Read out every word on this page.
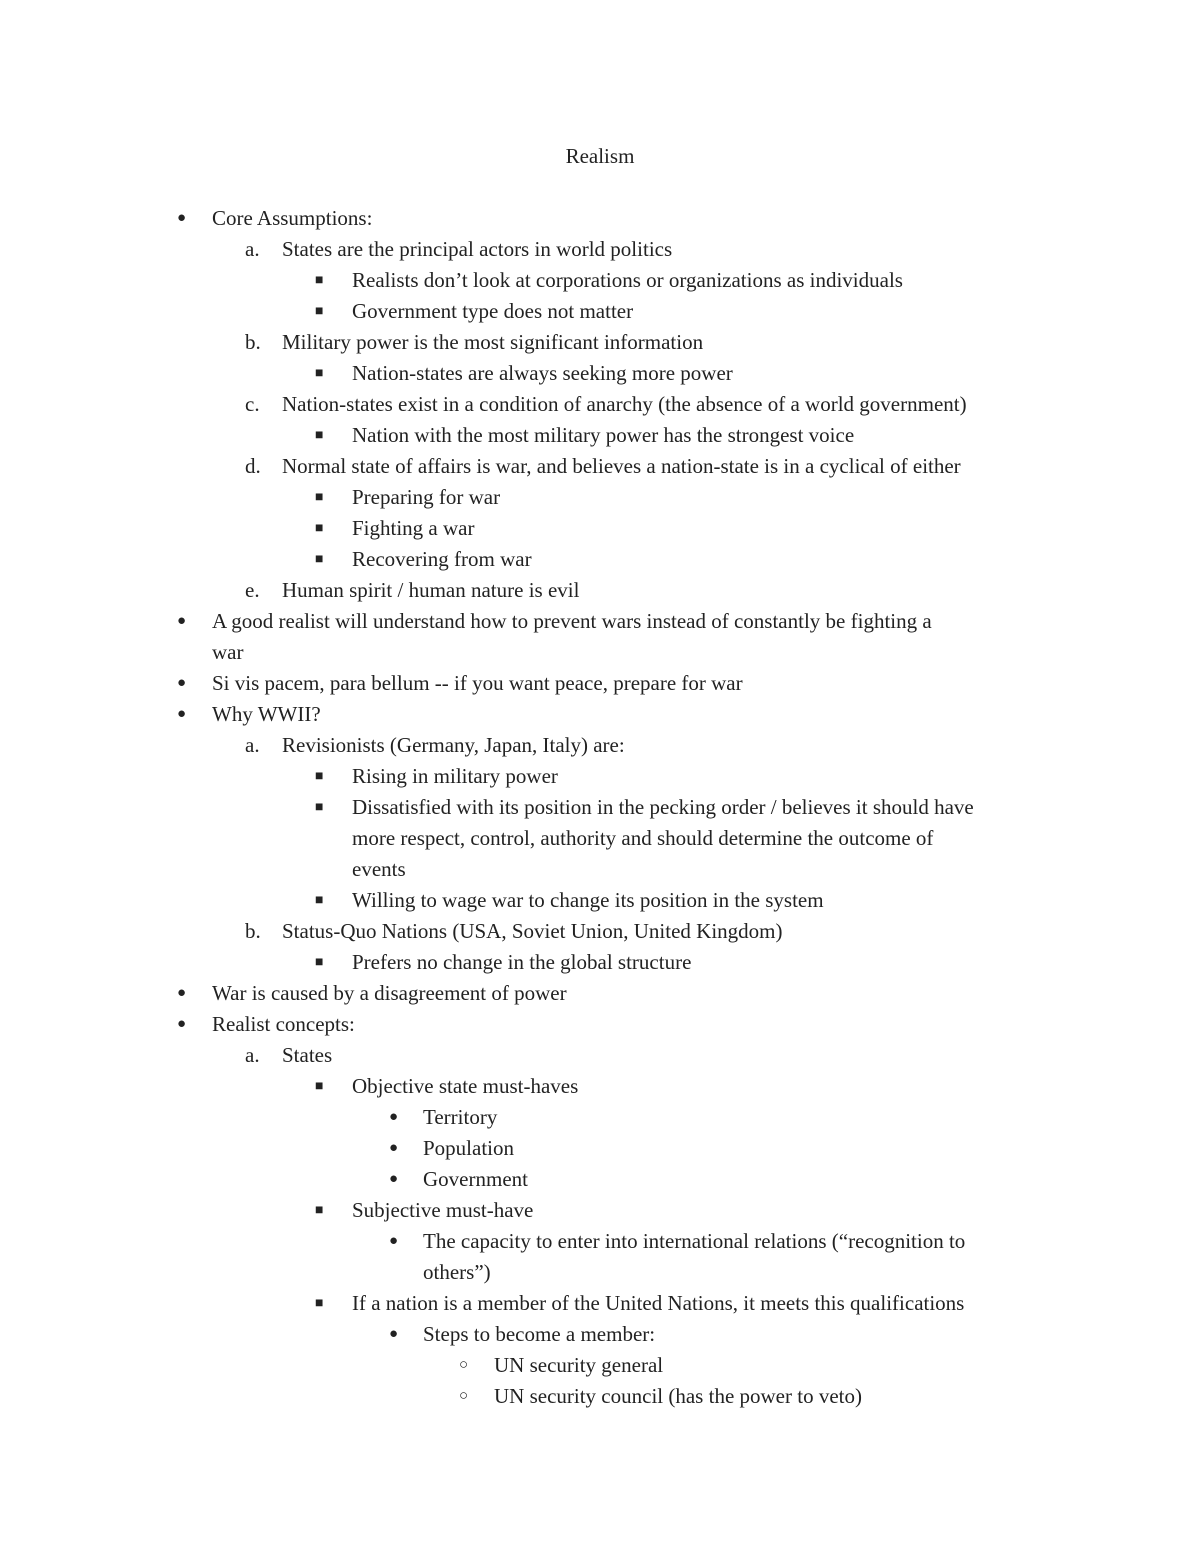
Realism
● Core Assumptions:
a. States are the principal actors in world politics
■ Realists don’t look at corporations or organizations as individuals
■ Government type does not matter
b. Military power is the most significant information
■ Nation-states are always seeking more power
c. Nation-states exist in a condition of anarchy (the absence of a world government)
■ Nation with the most military power has the strongest voice
d. Normal state of affairs is war, and believes a nation-state is in a cyclical of either
■ Preparing for war
■ Fighting a war
■ Recovering from war
e. Human spirit / human nature is evil
● A good realist will understand how to prevent wars instead of constantly be fighting a
war
● Si vis pacem, para bellum -- if you want peace, prepare for war
● Why WWII?
a. Revisionists (Germany, Japan, Italy) are:
■ Rising in military power
■ Dissatisfied with its position in the pecking order / believes it should have
more respect, control, authority and should determine the outcome of
events
■ Willing to wage war to change its position in the system
b. Status-Quo Nations (USA, Soviet Union, United Kingdom)
■ Prefers no change in the global structure
● War is caused by a disagreement of power
● Realist concepts:
a. States
■ Objective state must-haves
● Territory
● Population
● Government
■ Subjective must-have
● The capacity to enter into international relations (“recognition to
others”)
■ If a nation is a member of the United Nations, it meets this qualifications
● Steps to become a member:
○ UN security general
○ UN security council (has the power to veto)
